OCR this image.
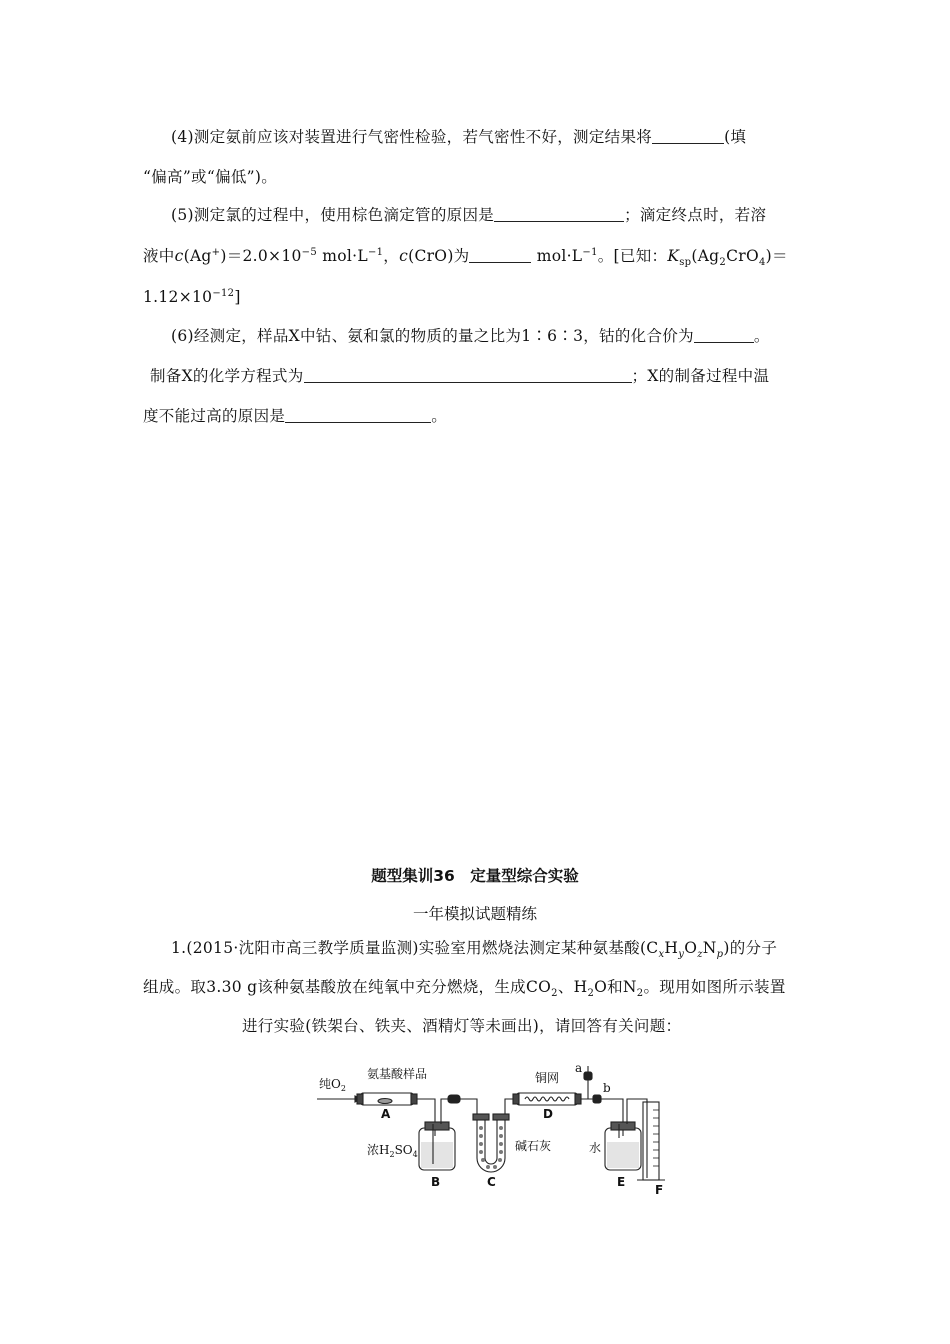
(4)测定氨前应该对装置进行气密性检验，若气密性不好，测定结果将	(填
“偏高”或“偏低”)。
(5)测定氯的过程中，使用棕色滴定管的原因是	；滴定终点时，若溶
液中$c(Ag^+)=2.0\times 10^{-5}$ $mol\cdot L^{-1}$，c(CrO)为	$mol\cdot L^{-1}$。[已知：$K_{sp}(Ag_2CrO_4)=$
$1.12\times 10^{-12}$]
(6)经测定，样品X中钴、氨和氯的物质的量之比为1∶6∶3，钴的化合价为	。
制备X的化学方程式为	；X的制备过程中温
度不能过高的原因是	。
题型集训36　定量型综合实验
一年模拟试题精练
1.(2015·沈阳市高三教学质量监测)实验室用燃烧法测定某种氨基酸$(C_xH_yO_zN_p)$的分子
组成。取3.30 g该种氨基酸放在纯氧中充分燃烧，生成$CO_2$、$H_2O$和$N_2$。现用如图所示装置
进行实验(铁架台、铁夹、酒精灯等未画出)，请回答有关问题：
纯$O_2$
氨基酸样品
A
铜网
D
a
b
浓$H_2SO_4$
碱石灰	水
B	C	E
F
